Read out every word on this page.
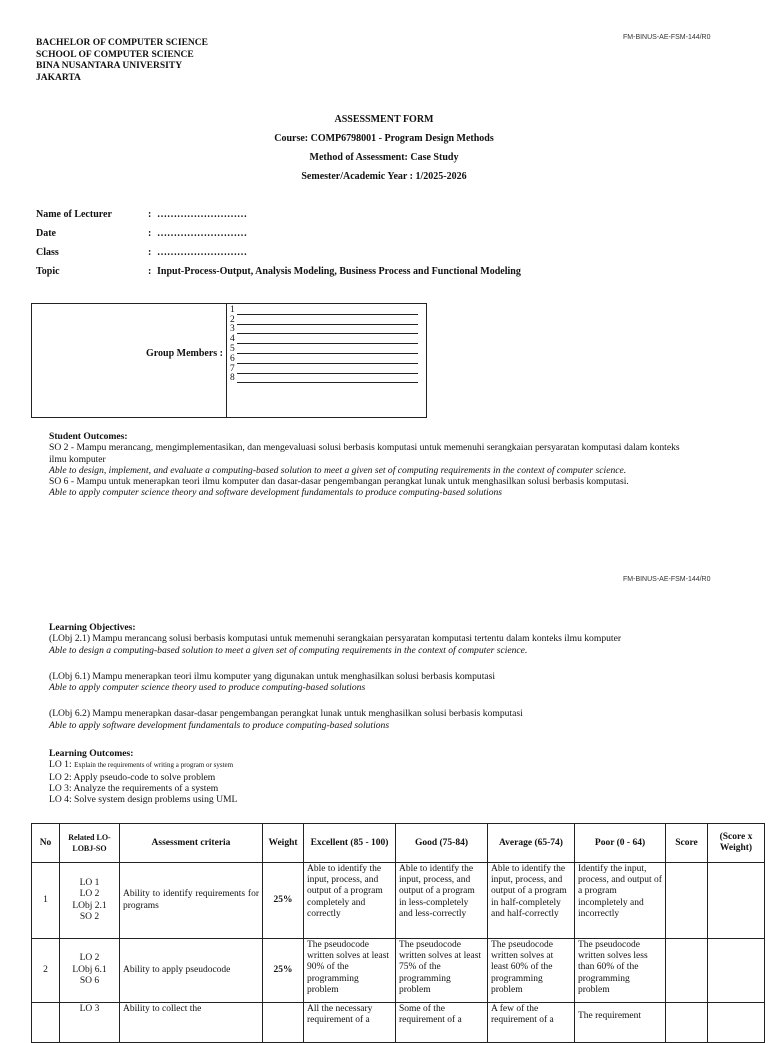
FM-BINUS-AE-FSM-144/R0
FM-BINUS-AE-FSM-144/R0
BACHELOR OF COMPUTER SCIENCE
SCHOOL OF COMPUTER SCIENCE
BINA NUSANTARA UNIVERSITY
JAKARTA
ASSESSMENT FORM
Course: COMP6798001 - Program Design Methods
Method of Assessment: Case Study
Semester/Academic Year : 1/2025-2026
Name of Lecturer	: ………………………
Date	: ………………………
Class	: ………………………
Topic	: Input-Process-Output, Analysis Modeling, Business Process and Functional Modeling
Group Members :
1
2
3
4
5
6
7
8
Student Outcomes:
SO 2 - Mampu merancang, mengimplementasikan, dan mengevaluasi solusi berbasis komputasi untuk memenuhi serangkaian persyaratan komputasi dalam konteks ilmu komputer
Able to design, implement, and evaluate a computing-based solution to meet a given set of computing requirements in the context of computer science.
SO 6 - Mampu untuk menerapkan teori ilmu komputer dan dasar-dasar pengembangan perangkat lunak untuk menghasilkan solusi berbasis komputasi.
Able to apply computer science theory and software development fundamentals to produce computing-based solutions
Learning Objectives:
(LObj 2.1) Mampu merancang solusi berbasis komputasi untuk memenuhi serangkaian persyaratan komputasi tertentu dalam konteks ilmu komputer
Able to design a computing-based solution to meet a given set of computing requirements in the context of computer science.
(LObj 6.1) Mampu menerapkan teori ilmu komputer yang digunakan untuk menghasilkan solusi berbasis komputasi
Able to apply computer science theory used to produce computing-based solutions
(LObj 6.2) Mampu menerapkan dasar-dasar pengembangan perangkat lunak untuk menghasilkan solusi berbasis komputasi
Able to apply software development fundamentals to produce computing-based solutions
Learning Outcomes:
LO 1: Explain the requirements of writing a program or system
LO 2: Apply pseudo-code to solve problem
LO 3: Analyze the requirements of a system
LO 4: Solve system design problems using UML
No	Related LO-LOBJ-SO	Assessment criteria	Weight	Excellent (85 - 100)	Good (75-84)	Average (65-74)	Poor (0 - 64)	Score	(Score x Weight)
1	LO 1
LO 2
LObj 2.1
SO 2	Ability to identify requirements for programs	25%	Able to identify the input, process, and output of a program completely and correctly	Able to identify the input, process, and output of a program in less-completely and less-correctly	Able to identify the input, process, and output of a program in half-completely and half-correctly	Identify the input, process, and output of a program incompletely and incorrectly		
2	LO 2
LObj 6.1
SO 6	Ability to apply pseudocode	25%	The pseudocode written solves at least 90% of the programming problem	The pseudocode written solves at least 75% of the programming problem	The pseudocode written solves at least 60% of the programming problem	The pseudocode written solves less than 60% of the programming problem		

	LO 3	Ability to collect the		All the necessary requirement of a	Some of the requirement of a	A few of the requirement of a	The requirement		
